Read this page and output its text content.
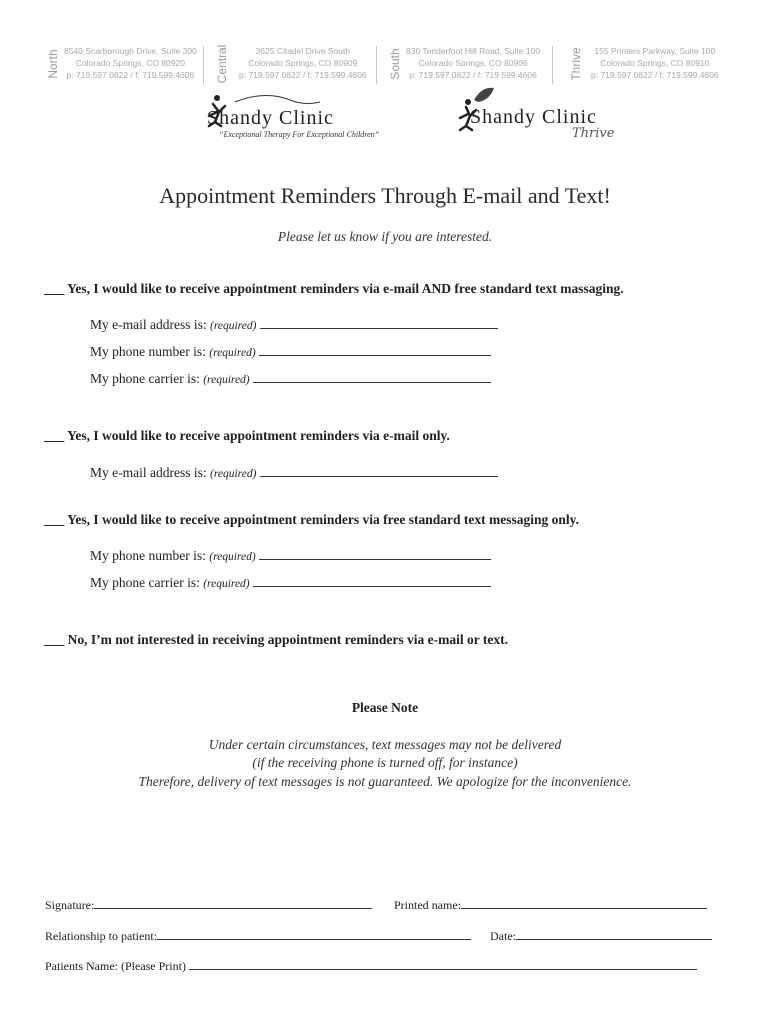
North 8540 Scarborough Drive, Suite 300
Colorado Springs, CO 80920
p: 719.597.0822 / f: 719.599.4606 Central	3625 Citadel Drive South
Colorado Springs, CO 80909
p: 719.597.0822 / f: 719.599.4606 South 830 Tenderfoot Hill Road, Suite 100
Colorado Springs, CO 80906
p: 719.597.0822 / f: 719.599.4606	Thrive	155 Printers Parkway, Suite 100
Colorado Springs, CO 80910
p: 719.597.0822 / f: 719.599.4606
Shandy Clinic
“Exceptional Therapy For Exceptional Children”
Shandy Clinic
Thrive
Appointment Reminders Through E-mail and Text!
Please let us know if you are interested.
___ Yes, I would like to receive appointment reminders via e-mail AND free standard text massaging.
My e-mail address is: (required)
My phone number is: (required)
My phone carrier is: (required)
___ Yes, I would like to receive appointment reminders via e-mail only.
My e-mail address is: (required)
___ Yes, I would like to receive appointment reminders via free standard text messaging only.
My phone number is: (required)
My phone carrier is: (required)
___ No, I’m not interested in receiving appointment reminders via e-mail or text.
Please Note
Under certain circumstances, text messages may not be delivered
(if the receiving phone is turned off, for instance)
Therefore, delivery of text messages is not guaranteed. We apologize for the inconvenience.
Signature:	Printed name:
Relationship to patient:	Date:
Patients Name: (Please Print)
